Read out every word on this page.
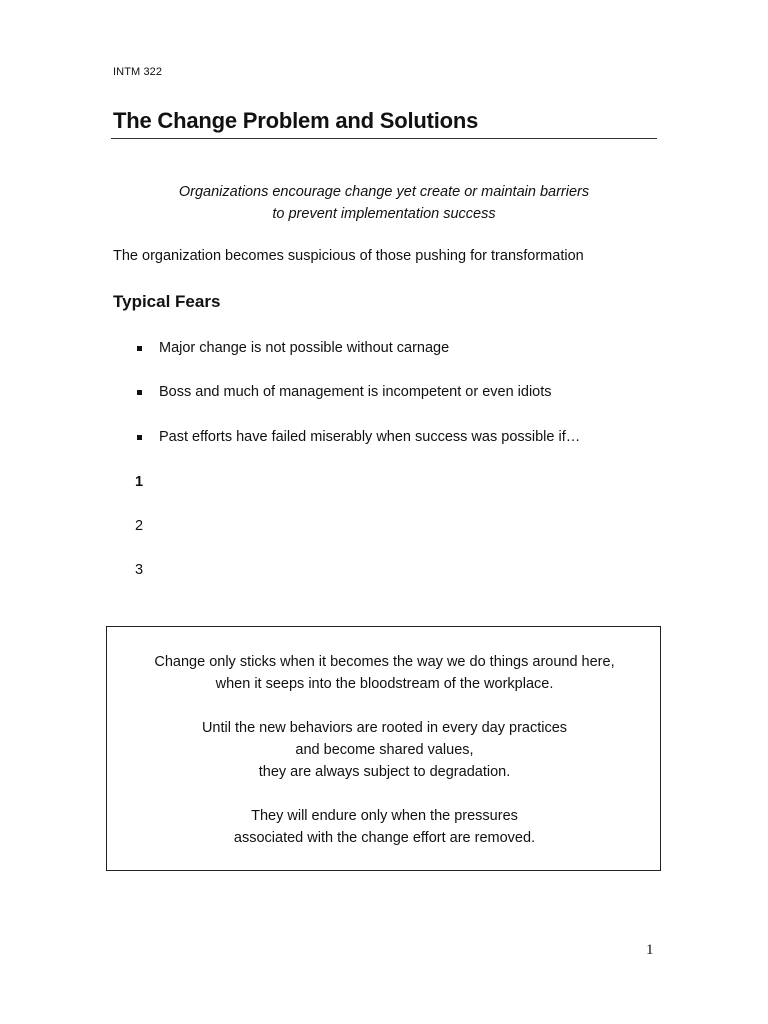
INTM 322
The Change Problem and Solutions
Organizations encourage change yet create or maintain barriers
to prevent implementation success
The organization becomes suspicious of those pushing for transformation
Typical Fears
Major change is not possible without carnage
Boss and much of management is incompetent or even idiots
Past efforts have failed miserably when success was possible if…
1
2
3
Change only sticks when it becomes the way we do things around here,
when it seeps into the bloodstream of the workplace.
Until the new behaviors are rooted in every day practices
and become shared values,
they are always subject to degradation.
They will endure only when the pressures
associated with the change effort are removed.
1
